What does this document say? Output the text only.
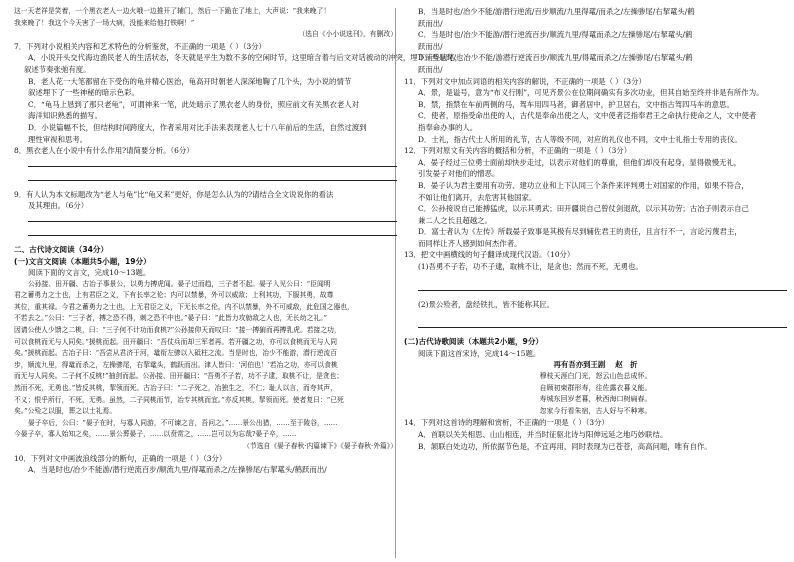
这一天老祥是笑着，一个黑衣老人一边火哦一边推开了辅门，然后一下跪在了地上，大声说：“我来晚了！

我来晚了！我这个今天害了一场大病，没能来给他打铁啊！”

（选自《小小说选刊》，有删改）

7．下列对小说相关内容和艺术特色的分析鉴赏，不正确的一项是（ ）（3分）

A．小说开头交代海边渔民老人的生活状态，冬天就是平生为数不多的空闲时节，这里暗含着与后文对话被动的冲突，埋下铺垫伏笔，

叙述节奏张弛有度。

B．老人花一大笔都留在下受伤的龟并精心医治，龟高开时朝老人深深地鞠了几个头，为小说的情节

叙述埋下了一些神秘的暗示色彩。

C．“龟马上恳到了那只老龟”，可谓神来一笔，此处暗示了黑衣老人的身份，照应前文有关黑衣老人对

海洋知识熟悉的描写。

D．小说篇幅不长，但结构时间跨度大，作者采用对比手法来表现老人七十八年前后的生活，自然过渡到

理性审视和思考。

8．黑衣老人在小说中有什么作用?请简要分析。（6分）

9．有人认为本文标题改为“老人与龟”比“龟又来”更好，你是怎么认为的?请结合全文说说你的看法

及其理由。（6分）

二、古代诗文阅读（34分）

(一)文言文阅读（本题共5小题，19分）

阅读下面的文言文，完成10～13题。

公孙接、田开疆、古冶子事景公，以勇力搏虎闻。晏子过而趋，三子者不起。晏子入见公曰：“臣闻明

君之蓄勇力之士也，上有君臣之义，下有长率之伦；内可以禁暴，外可以威敌；上利其功，下服其勇，故尊

其位，重其禄。今君之蓄勇力之士也，上无君臣之义，下无长率之伦，内不以禁暴，外不可威敌，此危国之器也，

不若去之。”公曰：“三子者，搏之恐不得，刺之恐不中也。”晏子曰：“此皆力攻勍敌之人也，无长幼之礼。”

因请公使人少馈之二桃，曰：“三子何不计功而食桃?”公孙接仰天而叹曰：“接一搏猏而再搏乳虎。若接之功，

可以食桃而无与人同矣。”援桃而起。田开疆曰：“吾仗兵而却三军者再。若开疆之功，亦可以食桃而无与人同

矣。”援桃而起。古冶子曰：“吾尝从君济于河，鼋衔左骖以入砥柱之流。当是时也，冶少不能游，潜行逆流百

步，顺流九里，得鼋而杀之，左操骖尾，右挈鼋头，鹤跃而出。津人皆曰：‘河伯也！’若冶之功，亦可以食桃

而无与人同矣。二子何不反桃!”抽剑而起。公孙接、田开疆曰：“吾勇不子若，功不子逮，取桃不让，是贪也；

然而不死，无勇也。”皆反其桃，挈领而死。古冶子曰：“二子死之，冶独生之，不仁；耻人以言，而夸其声，

不义；恨乎所行，不死，无勇。虽然，二子同桃而节，冶专其桃而宜。”亦反其桃，挈领而死。使者复曰：“已死

矣。”公殓之以服，葬之以士礼焉。

晏子卒后，公曰：“晏子在时，与寡人同游，不可谏之言，吾问之。”……景公出猎，……至于陵谷，……

今晏子卒，寡人始知之矣，……景公葬晏子，……以贲赏之，……岂可以为忘哉?晏子卒，……

（节选自《晏子春秋·内篇谏下》《晏子春秋·外篇》）

10．下列对文中画波浪线部分的断句，正确的一项是（ ）（3分）

A．当是时也/冶少不能游/潜行逆流百步/顺流九里/得鼋而杀之/左操骖尾/右挈鼋头/鹤跃而出/

B．当是时也/冶少不能/游潜行逆流/百步顺流/九里得鼋/而杀之/左操骖尾/右挈鼋头/鹤

跃而出/

C．当是时也/冶少不能游/潜行逆流百步/顺流九里/得鼋而杀之/左操骖尾/右挈鼋头/鹤

跃而出/

D．当是时/也冶少不能/游潜行逆流百步/顺流九里/得鼋而杀之/左操骖尾/右挈鼋头/鹤

跃而出/

11．下列对文中加点词语的相关内容的解说，不正确的一项是（ ）（3分）

A．景，是谥号，意为“布义行刚”，可见齐景公在位期间确实有多次功业，但其自始至终并非是有所作为。

B．禁，指禁在车前两侧的马，驾车用四马者，御者居中，护卫居右，文中指古驾四马车的意思。

C．使者，原指受命出使的人，古代是奉命出使之人，文中使者泛指奉君王之命执行使命之人，文中使者

指奉命办事的人。

D．士礼，指古代士人所用的礼节，古人等级不同，对应的礼仪也不同，文中士礼指士专用的丧仪。

12．下列对原文有关内容的概括和分析，不正确的一项是（ ）（3分）

A．晏子经过三位勇士面前却快步走过，以表示对他们的尊重，但他们却没有起身，显得傲慢无礼，

引发晏子对他们的憎恶。

B．晏子认为君主要用有功劳、建功立业和上下认同三个条件来评判勇士对国家的作用，如果不符合，

不如让他们离开，去危害其他国家。

C．公孙接说自己能搏猛虎，以示其勇武；田开疆说自己曾仗剑退敌，以示其功劳；古冶子则表示自己

兼二人之长且超越之。

D．富士者认为《左传》所载晏子致事是其极有尽到辅佐君王的责任，且言行不一，言论污蔑君主，

而同样让齐人感到如何杰作者。

13．把文中画横线的句子翻译成现代汉语。（10分）

(1)吾勇不子若，功不子逮，取桃不让，是贪也；然而不死，无勇也。

(2)景公殓者，盘经铁扎，皆不能称其匠。

(二)古代诗歌阅读（本题共2小题，9分）

阅读下面这首宋诗，完成14～15题。

再有吾亦到王剧 赵　折

穆枝天涯白门光，怒云山色总成怀。

自顾初柬群形寿，往佐露衣暮义能。

寿城东回岁老暮，秋西海口树扁春。

忽家今行看朱宿，古人好与不种寒。

14．下列对这首诗的理解和赏析，不正确的一项是（ ）（3分）

A．首联以关关相思、山山相连，并当时征驱北诗与阳伸远延之地巧妙联结。

B．颔联白处边功，所依据节色是，不宜再用，同时表现为已苍苍，高高问题，唯有自作。
